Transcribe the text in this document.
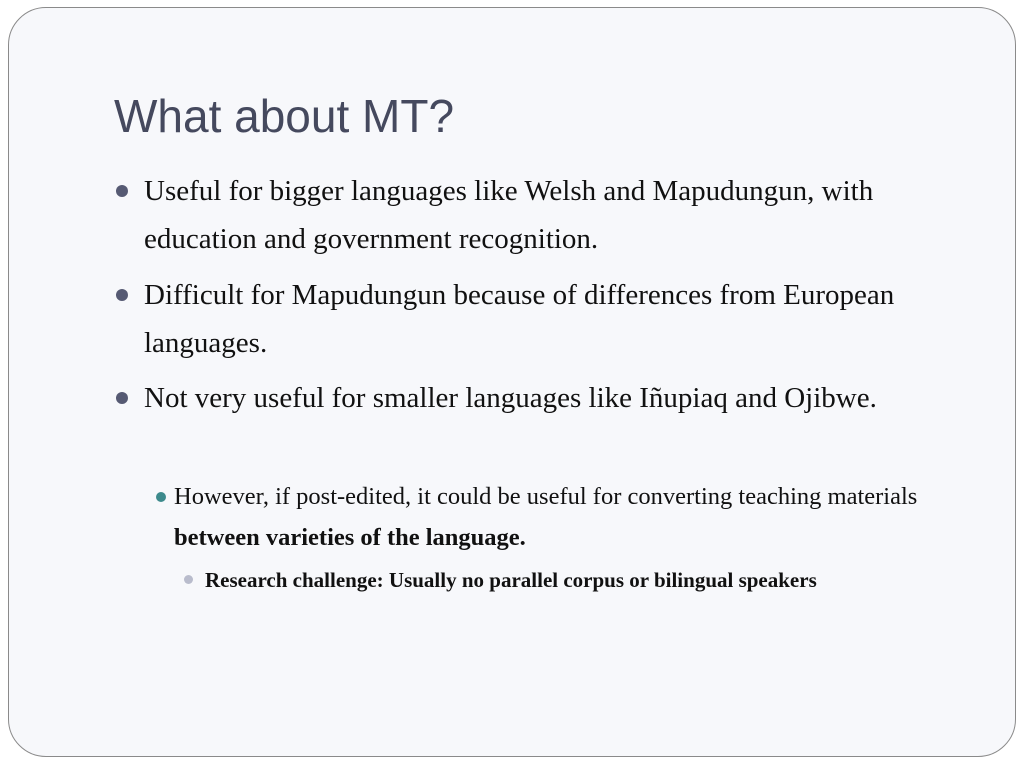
What about MT?
Useful for bigger languages like Welsh and Mapudungun, with education and government recognition.
Difficult for Mapudungun because of differences from European languages.
Not very useful for smaller languages like Iñupiaq and Ojibwe.
However, if post-edited, it could be useful for converting teaching materials between varieties of the language.
Research challenge: Usually no parallel corpus or bilingual speakers
